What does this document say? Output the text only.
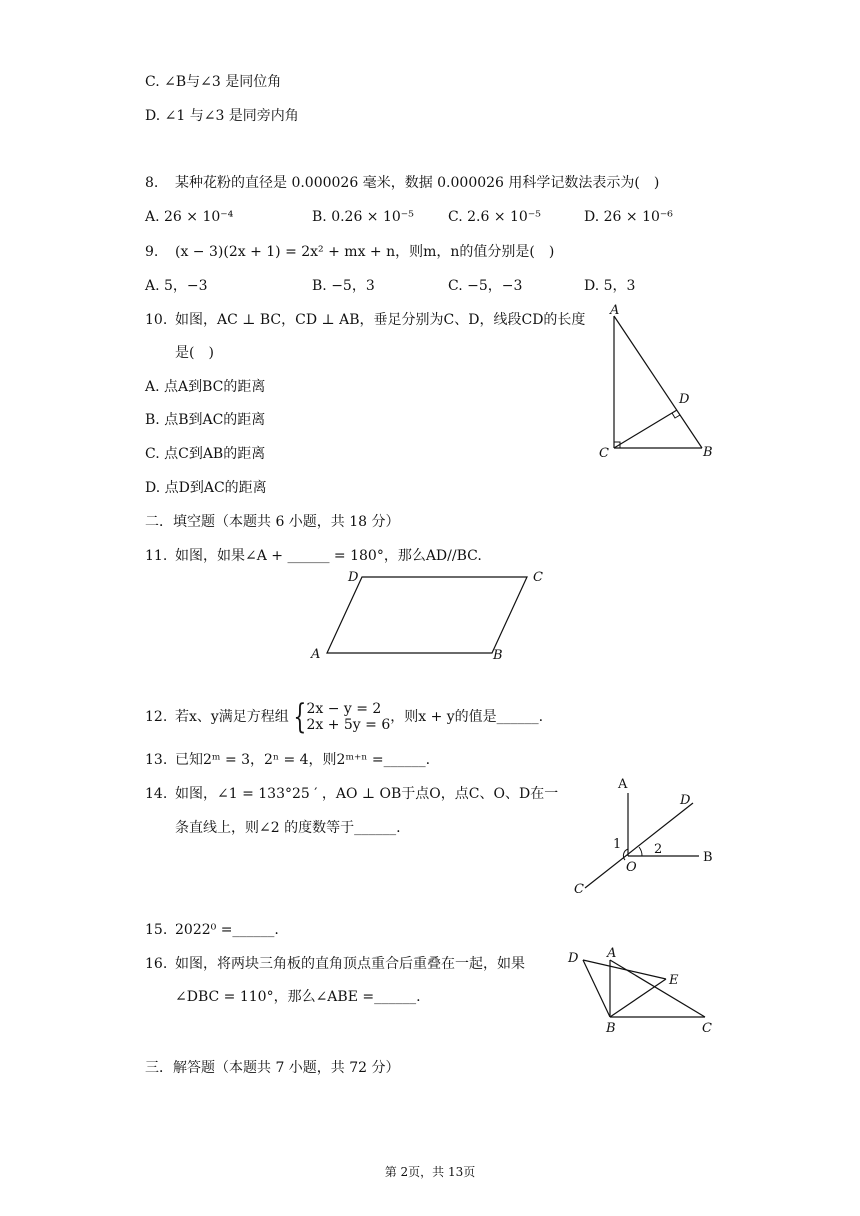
C. ∠B与∠3 是同位角
D. ∠1 与∠3 是同旁内角
8. 某种花粉的直径是 0.000026 毫米，数据 0.000026 用科学记数法表示为(　)
A. 26 × 10⁻⁴	B. 0.26 × 10⁻⁵ C. 2.6 × 10⁻⁵	D. 26 × 10⁻⁶
9. (x − 3)(2x + 1) = 2x² + mx + n，则m，n的值分别是(　)
A. 5，−3	B. −5，3	C. −5，−3	D. 5，3
10. 如图，AC ⊥ BC，CD ⊥ AB，垂足分别为C、D，线段CD的长度
是(　)
A. 点A到BC的距离
B. 点B到AC的距离
C. 点C到AB的距离
D. 点D到AC的距离
A
D
C	B
二．填空题（本题共 6 小题，共 18 分）
11. 如图，如果∠A + ______ = 180°，那么AD//BC.
D	C
A	B
12. 若x、y满足方程组 { 2x − y = 2
2x + 5y = 6 ，则x + y的值是______.
13. 已知2ᵐ = 3，2ⁿ = 4，则2ᵐ⁺ⁿ =______.
14. 如图，∠1 = 133°25 ′ ，AO ⊥ OB于点O，点C、O、D在一
条直线上，则∠2 的度数等于______.
A
D
1	2
O
B
C
15. 2022⁰ =______.
16. 如图，将两块三角板的直角顶点重合后重叠在一起，如果
∠DBC = 110°，那么∠ABE =______.
D A
E
B	C
三．解答题（本题共 7 小题，共 72 分）
第 2页，共 13页
